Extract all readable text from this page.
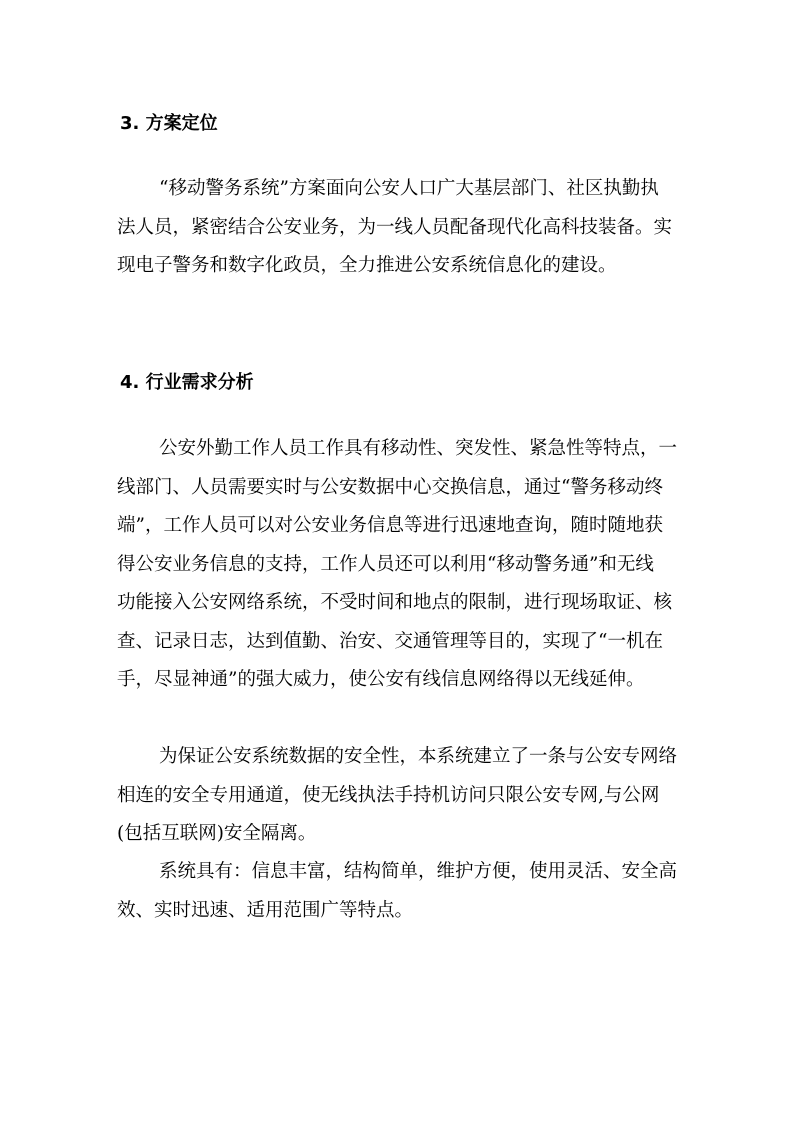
3. 方案定位
“移动警务系统”方案面向公安人口广大基层部门、社区执勤执
法人员，紧密结合公安业务，为一线人员配备现代化高科技装备。实
现电子警务和数字化政员，全力推进公安系统信息化的建设。
4. 行业需求分析
公安外勤工作人员工作具有移动性、突发性、紧急性等特点，一
线部门、人员需要实时与公安数据中心交换信息，通过“警务移动终
端”，工作人员可以对公安业务信息等进行迅速地查询，随时随地获
得公安业务信息的支持，工作人员还可以利用“移动警务通”和无线
功能接入公安网络系统，不受时间和地点的限制，进行现场取证、核
查、记录日志，达到值勤、治安、交通管理等目的，实现了“一机在
手，尽显神通”的强大威力，使公安有线信息网络得以无线延伸。
为保证公安系统数据的安全性，本系统建立了一条与公安专网络
相连的安全专用通道，使无线执法手持机访问只限公安专网,与公网
(包括互联网)安全隔离。
系统具有：信息丰富，结构简单，维护方便，使用灵活、安全高
效、实时迅速、适用范围广等特点。
